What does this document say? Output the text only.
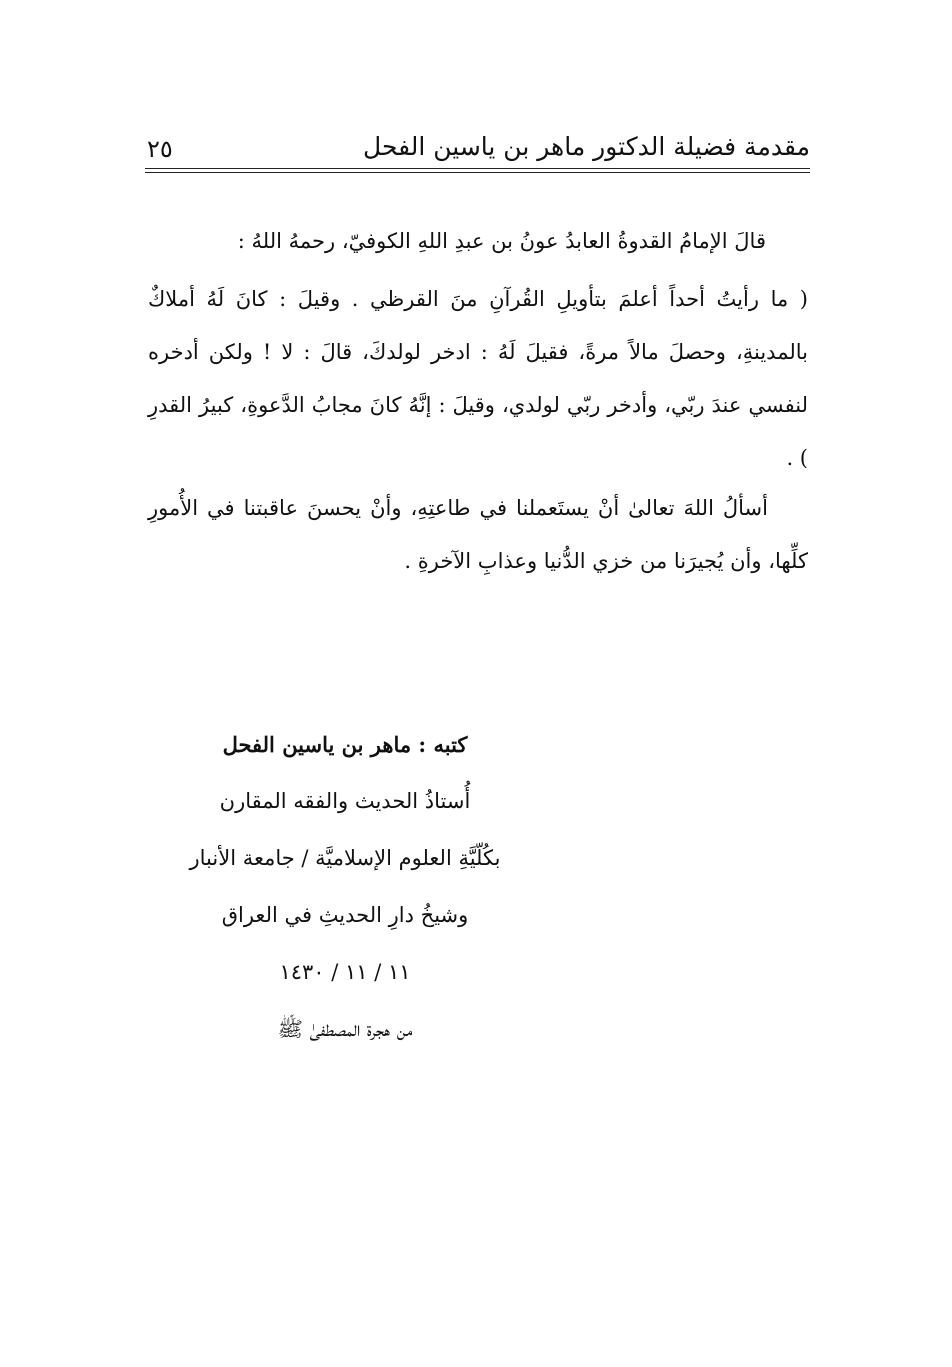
مقدمة فضيلة الدكتور ماهر بن ياسين الفحل
٢٥

قالَ الإمامُ القدوةُ العابدُ عونُ بن عبدِ اللهِ الكوفيّ، رحمهُ اللهُ :

( ما رأيتُ أحداً أعلمَ بتأويلِ القُرآنِ منَ القرظي . وقيلَ : كانَ لَهُ أملاكٌ بالمدينةِ، وحصلَ مالاً مرةً، فقيلَ لَهُ : ادخر لولدكَ، قالَ : لا ! ولكن أدخره لنفسي عندَ ربّي، وأدخر ربّي لولدي، وقيلَ : إنَّهُ كانَ مجابُ الدَّعوةِ، كبيرُ القدرِ ) .

أسألُ اللهَ تعالىٰ أنْ يستَعملنا في طاعتِهِ، وأنْ يحسنَ عاقبتنا في الأُمورِ كلِّها، وأن يُجيرَنا من خزي الدُّنيا وعذابِ الآخرةِ .

كتبه : ماهر بن ياسين الفحل
أُستاذُ الحديث والفقه المقارن
بكُلّيَّةِ العلوم الإسلاميَّة / جامعة الأنبار
وشيخُ دارِ الحديثِ في العراق
١١ / ١١ / ١٤٣٠
من هجرة المصطفىٰ ﷺ
